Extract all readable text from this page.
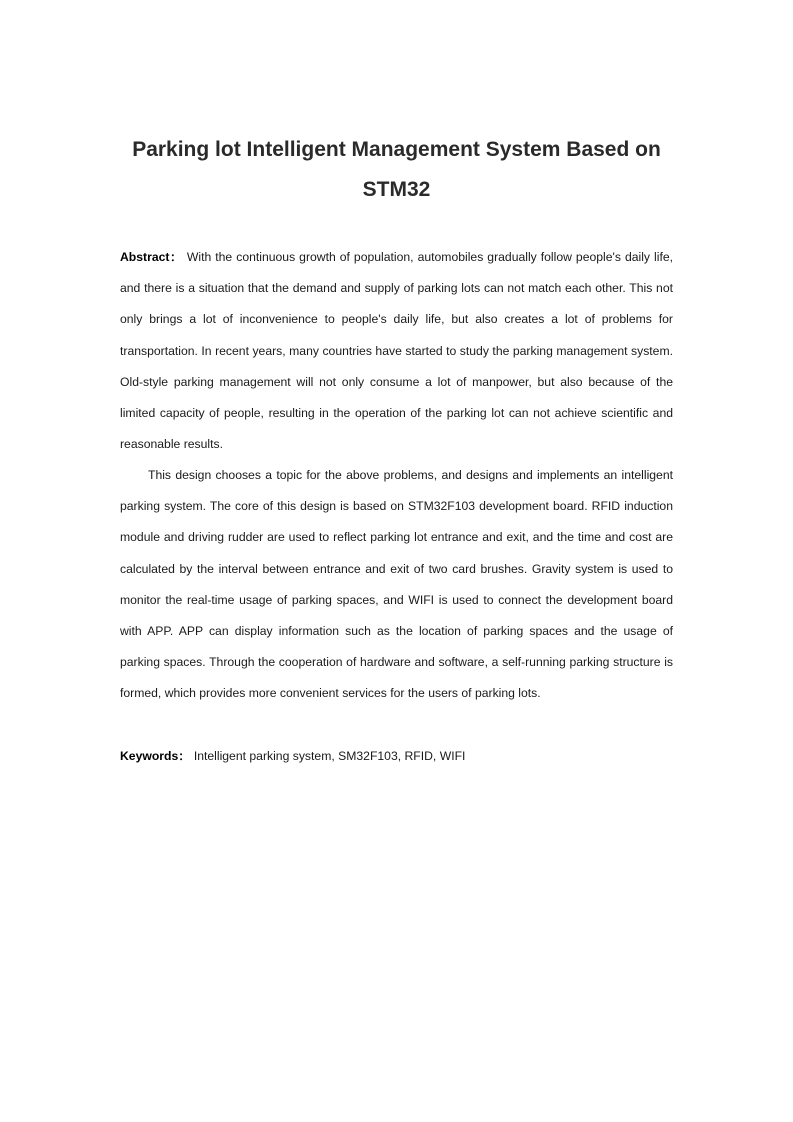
Parking lot Intelligent Management System Based on
STM32

Abstract： With the continuous growth of population, automobiles gradually follow people's daily life, and there is a situation that the demand and supply of parking lots can not match each other. This not only brings a lot of inconvenience to people's daily life, but also creates a lot of problems for transportation. In recent years, many countries have started to study the parking management system. Old-style parking management will not only consume a lot of manpower, but also because of the limited capacity of people, resulting in the operation of the parking lot can not achieve scientific and reasonable results.

This design chooses a topic for the above problems, and designs and implements an intelligent parking system. The core of this design is based on STM32F103 development board. RFID induction module and driving rudder are used to reflect parking lot entrance and exit, and the time and cost are calculated by the interval between entrance and exit of two card brushes. Gravity system is used to monitor the real-time usage of parking spaces, and WIFI is used to connect the development board with APP. APP can display information such as the location of parking spaces and the usage of parking spaces. Through the cooperation of hardware and software, a self-running parking structure is formed, which provides more convenient services for the users of parking lots.

Keywords： Intelligent parking system, SM32F103, RFID, WIFI
